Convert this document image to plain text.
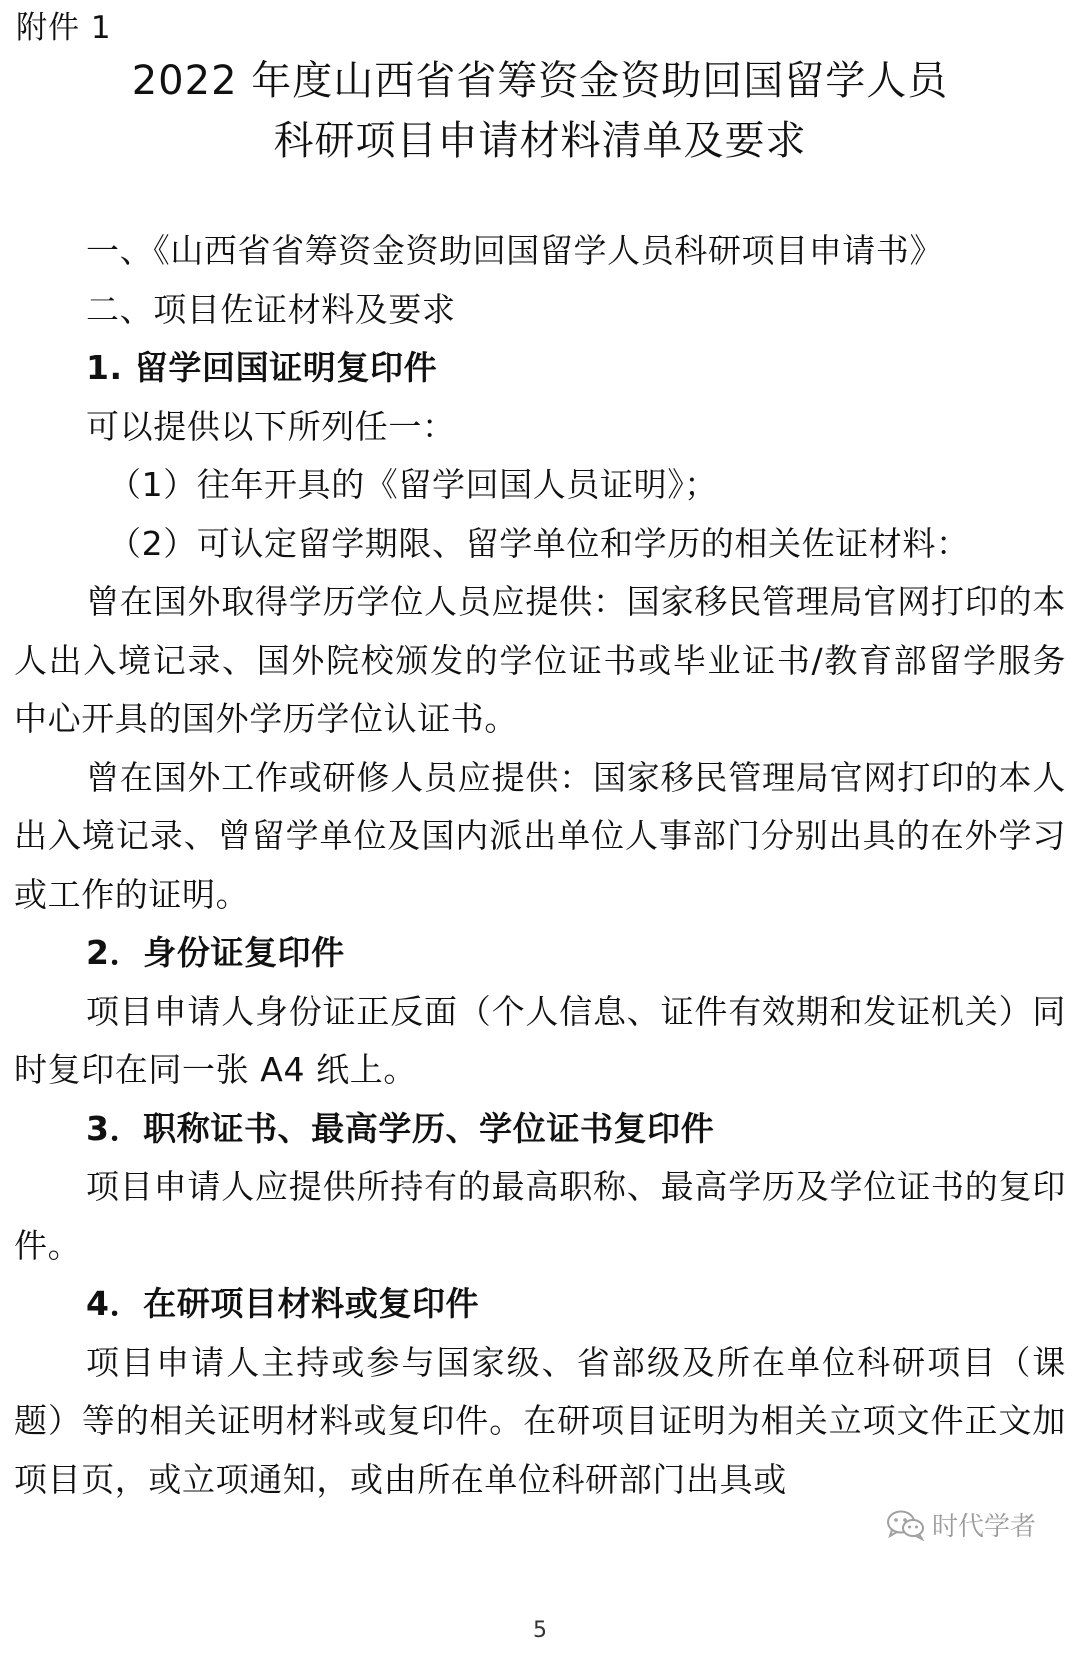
附件 1
2022 年度山西省省筹资金资助回国留学人员
科研项目申请材料清单及要求

一、《山西省省筹资金资助回国留学人员科研项目申请书》

二、项目佐证材料及要求

1. 留学回国证明复印件

可以提供以下所列任一：

（1）往年开具的《留学回国人员证明》；

（2）可认定留学期限、留学单位和学历的相关佐证材料：

曾在国外取得学历学位人员应提供：国家移民管理局官网打印的本人出入境记录、国外院校颁发的学位证书或毕业证书/教育部留学服务中心开具的国外学历学位认证书。

曾在国外工作或研修人员应提供：国家移民管理局官网打印的本人出入境记录、曾留学单位及国内派出单位人事部门分别出具的在外学习或工作的证明。

2．身份证复印件

项目申请人身份证正反面（个人信息、证件有效期和发证机关）同时复印在同一张 A4 纸上。

3．职称证书、最高学历、学位证书复印件

项目申请人应提供所持有的最高职称、最高学历及学位证书的复印件。

4．在研项目材料或复印件

项目申请人主持或参与国家级、省部级及所在单位科研项目（课题）等的相关证明材料或复印件。在研项目证明为相关立项文件正文加项目页，或立项通知，或由所在单位科研部门出具或

时代学者
5
